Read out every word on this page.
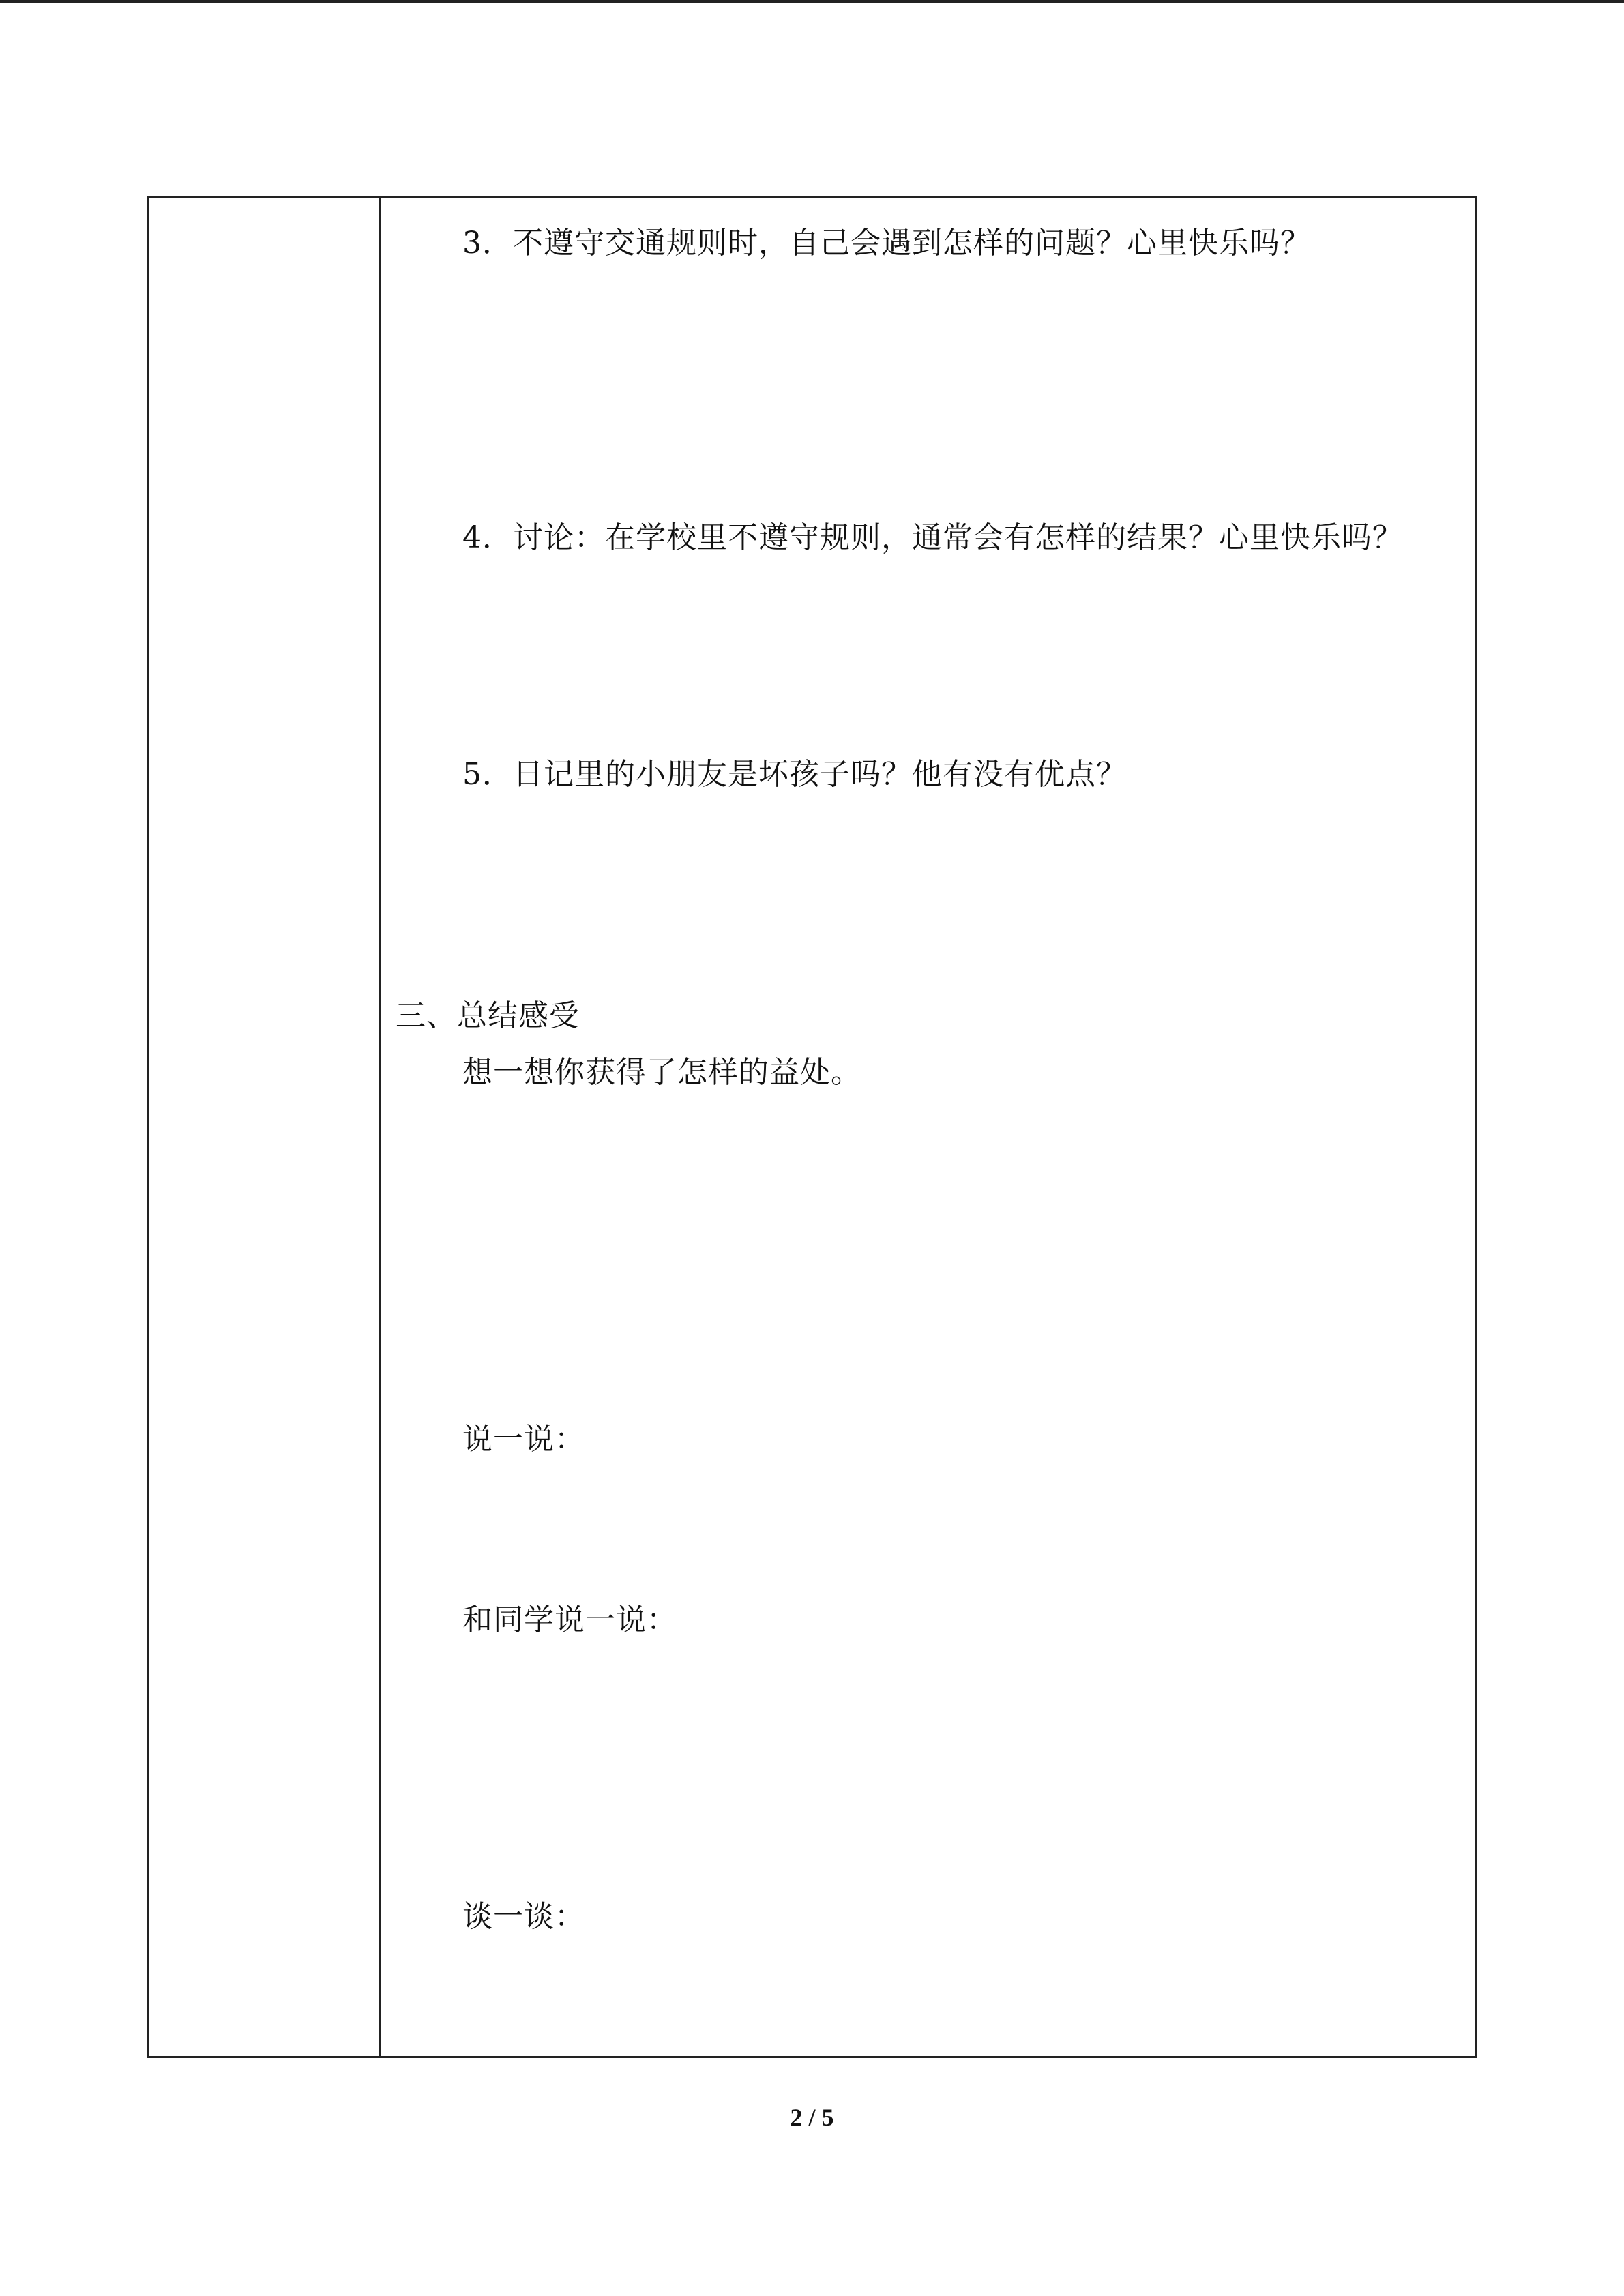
3．不遵守交通规则时，自己会遇到怎样的问题？心里快乐吗？
4．讨论：在学校里不遵守规则，通常会有怎样的结果？心里快乐吗？
5．日记里的小朋友是坏孩子吗？他有没有优点？
三、总结感受
想一想你获得了怎样的益处。
说一说：
和同学说一说：
谈一谈：
2 / 5
